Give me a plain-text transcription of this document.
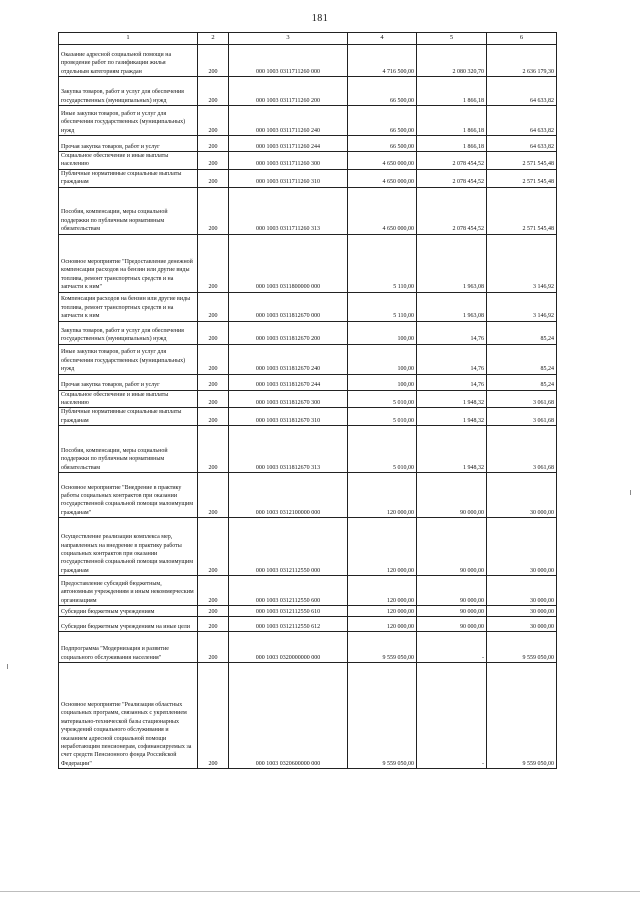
181
1	2	3	4	5	6
Оказание адресной социальной помощи на проведение работ по газификации жилья отдельным категориям граждан	200	000 1003 0311711260 000	4 716 500,00	2 080 320,70	2 636 179,30
Закупка товаров, работ и услуг для обеспечения государственных (муниципальных) нужд	200	000 1003 0311711260 200	66 500,00	1 866,18	64 633,82
Иные закупки товаров, работ и услуг для обеспечения государственных (муниципальных) нужд	200	000 1003 0311711260 240	66 500,00	1 866,18	64 633,82
Прочая закупка товаров, работ и услуг	200	000 1003 0311711260 244	66 500,00	1 866,18	64 633,82
Социальное обеспечение и иные выплаты населению	200	000 1003 0311711260 300	4 650 000,00	2 078 454,52	2 571 545,48
Публичные нормативные социальные выплаты гражданам	200	000 1003 0311711260 310	4 650 000,00	2 078 454,52	2 571 545,48
Пособия, компенсации, меры социальной поддержки по публичным нормативным обязательствам	200	000 1003 0311711260 313	4 650 000,00	2 078 454,52	2 571 545,48
Основное мероприятие "Предоставление денежной компенсации расходов на бензин или другие виды топлива, ремонт транспортных средств и на запчасти к ним"	200	000 1003 0311800000 000	5 110,00	1 963,08	3 146,92
Компенсация расходов на бензин или другие виды топлива, ремонт транспортных средств и на запчасти к ним	200	000 1003 0311812670 000	5 110,00	1 963,08	3 146,92
Закупка товаров, работ и услуг для обеспечения государственных (муниципальных) нужд	200	000 1003 0311812670 200	100,00	14,76	85,24
Иные закупки товаров, работ и услуг для обеспечения государственных (муниципальных) нужд	200	000 1003 0311812670 240	100,00	14,76	85,24
Прочая закупка товаров, работ и услуг	200	000 1003 0311812670 244	100,00	14,76	85,24
Социальное обеспечение и иные выплаты населению	200	000 1003 0311812670 300	5 010,00	1 948,32	3 061,68
Публичные нормативные социальные выплаты гражданам	200	000 1003 0311812670 310	5 010,00	1 948,32	3 061,68
Пособия, компенсации, меры социальной поддержки по публичным нормативным обязательствам	200	000 1003 0311812670 313	5 010,00	1 948,32	3 061,68
Основное мероприятие "Внедрение в практику работы социальных контрактов при оказании государственной социальной помощи малоимущим гражданам"	200	000 1003 0312100000 000	120 000,00	90 000,00	30 000,00
Осуществление реализации комплекса мер, направленных на внедрение в практику работы социальных контрактов при оказании государственной социальной помощи малоимущим гражданам	200	000 1003 0312112550 000	120 000,00	90 000,00	30 000,00
Предоставление субсидий бюджетным, автономным учреждениям и иным некоммерческим организациям	200	000 1003 0312112550 600	120 000,00	90 000,00	30 000,00
Субсидии бюджетным учреждениям	200	000 1003 0312112550 610	120 000,00	90 000,00	30 000,00
Субсидии бюджетным учреждениям на иные цели	200	000 1003 0312112550 612	120 000,00	90 000,00	30 000,00
Подпрограмма "Модернизация и развитие социального обслуживания населения"	200	000 1003 0320000000 000	9 559 050,00	-	9 559 050,00
Основное мероприятие "Реализация областных социальных программ, связанных с укреплением материально-технической базы стационарных учреждений социального обслуживания и оказанием адресной социальной помощи неработающим пенсионерам, софинансируемых за счет средств Пенсионного фонда Российской Федерации"	200	000 1003 0320600000 000	9 559 050,00	-	9 559 050,00
